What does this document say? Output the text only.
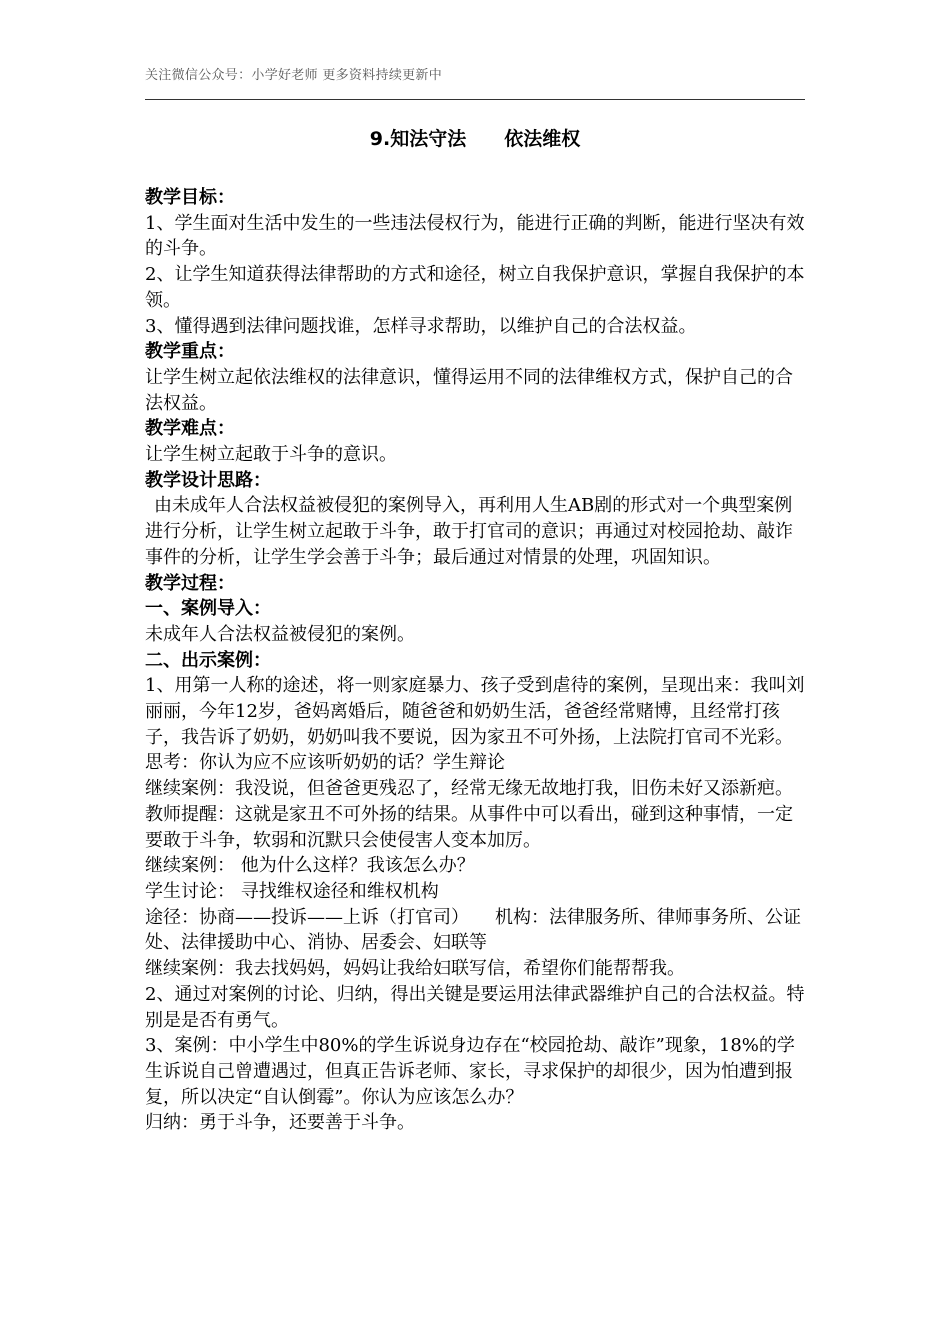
关注微信公众号：小学好老师 更多资料持续更新中
9.知法守法 依法维权

教学目标：

1、学生面对生活中发生的一些违法侵权行为，能进行正确的判断，能进行坚决有效的斗争。

2、让学生知道获得法律帮助的方式和途径，树立自我保护意识，掌握自我保护的本领。

3、懂得遇到法律问题找谁，怎样寻求帮助，以维护自己的合法权益。

教学重点：

让学生树立起依法维权的法律意识，懂得运用不同的法律维权方式，保护自己的合法权益。

教学难点：

让学生树立起敢于斗争的意识。

教学设计思路：

由未成年人合法权益被侵犯的案例导入，再利用人生AB剧的形式对一个典型案例进行分析，让学生树立起敢于斗争，敢于打官司的意识；再通过对校园抢劫、敲诈事件的分析，让学生学会善于斗争；最后通过对情景的处理，巩固知识。

教学过程：

一、案例导入：

未成年人合法权益被侵犯的案例。

二、出示案例：

1、用第一人称的途述，将一则家庭暴力、孩子受到虐待的案例，呈现出来：我叫刘丽丽，今年12岁，爸妈离婚后，随爸爸和奶奶生活，爸爸经常赌博，且经常打孩子，我告诉了奶奶，奶奶叫我不要说，因为家丑不可外扬，上法院打官司不光彩。

思考：你认为应不应该听奶奶的话？学生辩论

继续案例：我没说，但爸爸更残忍了，经常无缘无故地打我，旧伤未好又添新疤。

教师提醒：这就是家丑不可外扬的结果。从事件中可以看出，碰到这种事情，一定要敢于斗争，软弱和沉默只会使侵害人变本加厉。

继续案例： 他为什么这样？我该怎么办？

学生讨论： 寻找维权途径和维权机构

途径：协商——投诉——上诉（打官司） 机构：法律服务所、律师事务所、公证处、法律援助中心、消协、居委会、妇联等

继续案例：我去找妈妈，妈妈让我给妇联写信，希望你们能帮帮我。

2、通过对案例的讨论、归纳，得出关键是要运用法律武器维护自己的合法权益。特别是是否有勇气。

3、案例：中小学生中80%的学生诉说身边存在“校园抢劫、敲诈”现象，18%的学生诉说自己曾遭遇过，但真正告诉老师、家长，寻求保护的却很少，因为怕遭到报复，所以决定“自认倒霉”。你认为应该怎么办？

归纳：勇于斗争，还要善于斗争。
